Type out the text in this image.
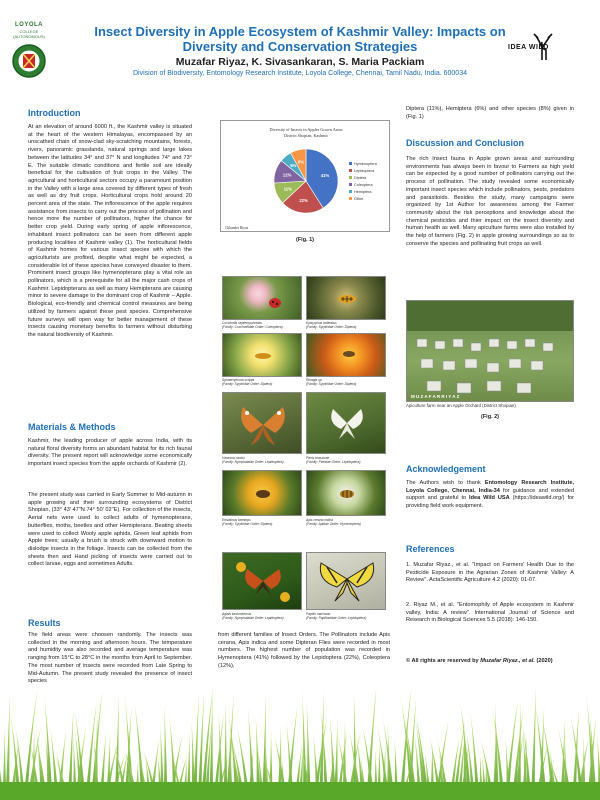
LOYOLA
COLLEGE (AUTONOMOUS)	Insect Diversity in Apple Ecosystem of Kashmir Valley: Impacts on
Diversity and Conservation Strategies
Muzafar Riyaz, K. Sivasankaran, S. Maria Packiam
Division of Biodiversity, Entomology Research Institute, Loyola College, Chennai, Tamil Nadu, India. 600034
IDEA WILD
Introduction
At an elevation of around 6000 ft., the Kashmir valley is situated at the heart of the western Himalayas, encompassed by an unscathed chain of snow-clad sky-scratching mountains, forests, rivers, panoramic grasslands, natural springs and large lakes between the latitudes 34° and 37° N and longitudes 74° and 73° E. The suitable climatic conditions and fertile soil are ideally beneficial for the cultivation of fruit crops in the Valley. The agricultural and horticultural sectors occupy a paramount position in the Valley with a large area covered by different types of fresh as well as dry fruit crops. Horticultural crops hold around 20 percent area of the state. The inflorescence of the apple requires assistance from insects to carry out the process of pollination and hence more the number of pollinators, higher the chance for better crop yield. During early spring of apple inflorescence, inhabitant insect pollinators can be seen from different apple producing localities of Kashmir valley (1). The horticultural fields of Kashmir homes for various insect species with which the agriculturists are profited, despite what might be expected, a considerable lot of these species have conveyed disaster to them. Prominent insect groups like hymenopterans play a vital role as pollinators, which is a prerequisite for all the major cash crops of Kashmir. Lepidopterans as well as many Hemipterans are causing minor to severe damage to the dominant crop of Kashmir – Apple. Biological, eco-friendly and chemical control measures are being utilized by farmers against these pest species. Comprehensive future surveys will open way for better management of these insects causing monetary benefits to farmers without disturbing the natural biodiversity of Kashmir.
Materials & Methods
Kashmir, the leading producer of apple across India, with its natural floral diversity forms an abundant habitat for its rich faunal diversity. The present report will acknowledge some economically important insect species from the apple orchards of Kashmir (2).
The present study was carried in Early Summer to Mid-autumn in apple growing and their surrounding ecosystems of District Shopian, (33° 43′ 47′′N 74° 50′ 02′′E). For collection of the insects, Aerial nets were used to collect adults of hymenopterans, butterflies, moths, beetles and other Hemipterans. Beating sheets were used to collect Wooly apple aphids, Green leaf aphids from Apple trees; usually a brush is struck with downward motion to dislodge insects in the foliage. Insects can be collected from the sheets then and Hand picking of insects were carried out to collect larvae, eggs and sometimes Adults.
Results
The field areas were choosen randomly. The insects was collected in the morning and afternoon hours. The temperature and humidity was also recorded and average temperature was ranging from 15°C to 28°C in the months from April to September. The most number of insects were recorded from Late Spring to Mid-Autumn. The present study revealed the presence of insect species
Diversity of Insects in Apples Grown Areas
District Shopian, Kashmir
41%
22%
11%
12%
6%
8%	Hymenoptera
Lepidoptera
Diptera
Coleoptera
Hemiptera
Other
Chhandra Riyaz
(Fig. 1)
Coccinella septempunctata
(Family: Coccinellidae Order: Coleoptera)
Episyrphus balteatus
(Family: Syrphidae Order: Diptera)
Sphaerophoria scripta
(Family: Syrphidae Order: Diptera)
Rhingia sp.
(Family: Syrphidae Order: Diptera)
Vanessa cardui
(Family: Nymphalidae Order: Lepidoptera)
Pieris brassicae
(Family: Pieridae Order: Lepidoptera)
Eristalinus taeniops
(Family: Syrphidae Order: Diptera)
Apis cerana indica
(Family: Apidae Order: Hymenoptera)
Aglais kashmirensis
(Family: Nymphalidae Order: Lepidoptera)
Papilio machaon
(Family: Papilionidae Order: Lepidoptera)
from different families of Insect Orders. The Pollinators include Apis cerana, Apis indica and some Dipteran Flies were recorded in most numbers. The highest number of population was recorded in Hymenoptera (41%) followed by the Lepidoptera (22%), Coleoptera (12%),
Diptera (11%), Hemiptera (6%) and other species (8%) given in (Fig. 1)
Discussion and Conclusion
The rich Insect fauna in Apple grown areas and surrounding environments has always been in favour to Farmers as high yield can be expected by a good number of pollinators carrying out the process of pollination. The study revealed some economically important insect species which include pollinators, pests, predators and parasitoids. Besides the study, many campaigns were organized by 1st Author for awareness among the Farmer community about the risk perceptions and knowledge about the chemical pesticides and thier impact on the insect diversity and human health as well. Many apiculture farms were also installed by the help of farmers (Fig. 2) in apple growing surroundings so as to conserve the species and pollinating fruit crops as well.
M U Z A F A R R I Y A Z
Apiculture farm near an Apple Orchard (District Shopian)
(Fig. 2)
Acknowledgement
The Authors wish to thank Entomology Research Institute, Loyola College, Chennai, India-34 for guidance and extended support and grateful to Idea Wild USA (https://ideawild.org/) for providing field work equipment.
References
1. Muzafar Riyaz., et al. "Impact on Farmers' Health Due to the Pesticide Exposure in the Agrarian Zones of Kashmir Valley: A Review". ActaScientific Agriculture 4.2 (2020): 01-07.
2. Riyaz M., et al. "Entomophily of Apple ecosystem in Kashmir valley, India: A review". International Journal of Science and Research in Biological Sciences 5.5 (2018): 146-150.
© All rights are reserved by Muzafar Riyaz., et al. (2020)
